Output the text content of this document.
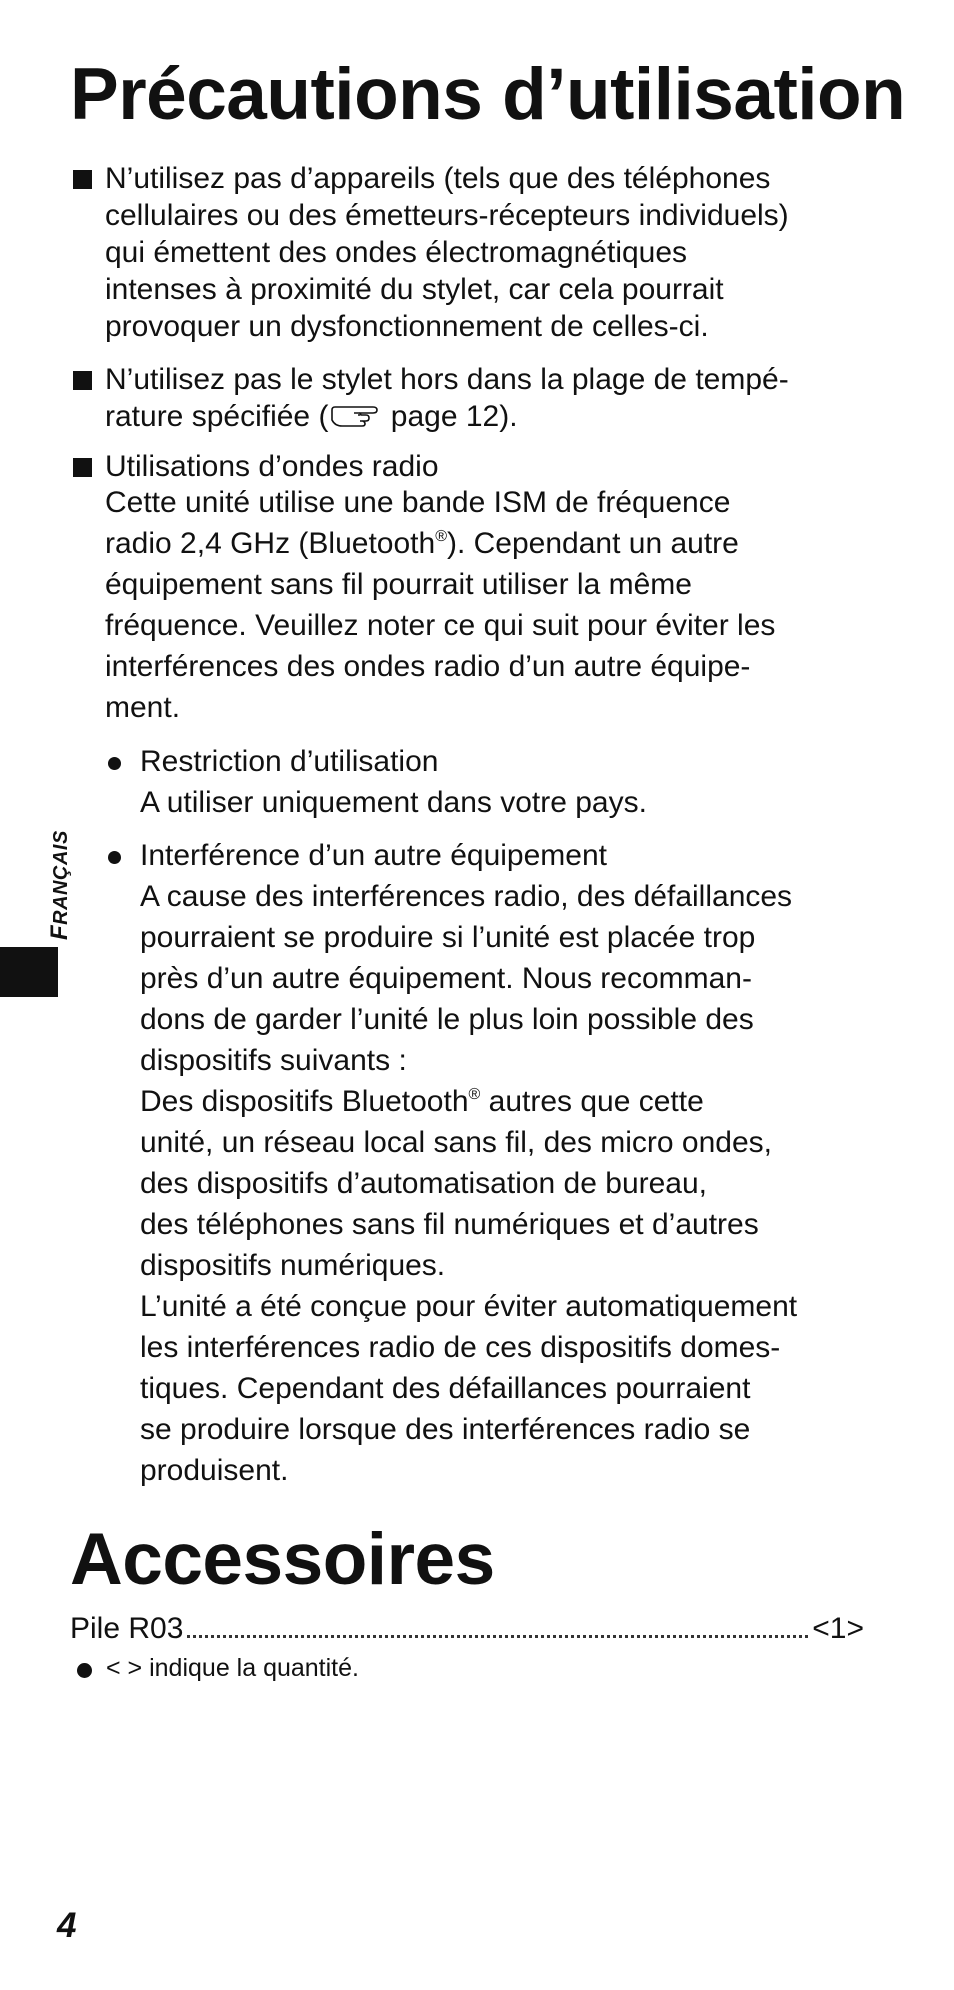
Précautions d’utilisation
N’utilisez pas d’appareils (tels que des téléphones
cellulaires ou des émetteurs-récepteurs individuels)
qui émettent des ondes électromagnétiques
intenses à proximité du stylet, car cela pourrait
provoquer un dysfonctionnement de celles-ci.
N’utilisez pas le stylet hors dans la plage de tempé-
rature spécifiée ( page 12).
Utilisations d’ondes radio
Cette unité utilise une bande ISM de fréquence
radio 2,4 GHz (Bluetooth®). Cependant un autre
équipement sans fil pourrait utiliser la même
fréquence. Veuillez noter ce qui suit pour éviter les
interférences des ondes radio d’un autre équipe-
ment.
Restriction d’utilisation
A utiliser uniquement dans votre pays.
Interférence d’un autre équipement
A cause des interférences radio, des défaillances
pourraient se produire si l’unité est placée trop
près d’un autre équipement. Nous recomman-
dons de garder l’unité le plus loin possible des
dispositifs suivants :
Des dispositifs Bluetooth® autres que cette
unité, un réseau local sans fil, des micro ondes,
des dispositifs d’automatisation de bureau,
des téléphones sans fil numériques et d’autres
dispositifs numériques.
L’unité a été conçue pour éviter automatiquement
les interférences radio de ces dispositifs domes-
tiques. Cependant des défaillances pourraient
se produire lorsque des interférences radio se
produisent.
FRANÇAIS
Accessoires
Pile R03	<1>
< > indique la quantité.
4
